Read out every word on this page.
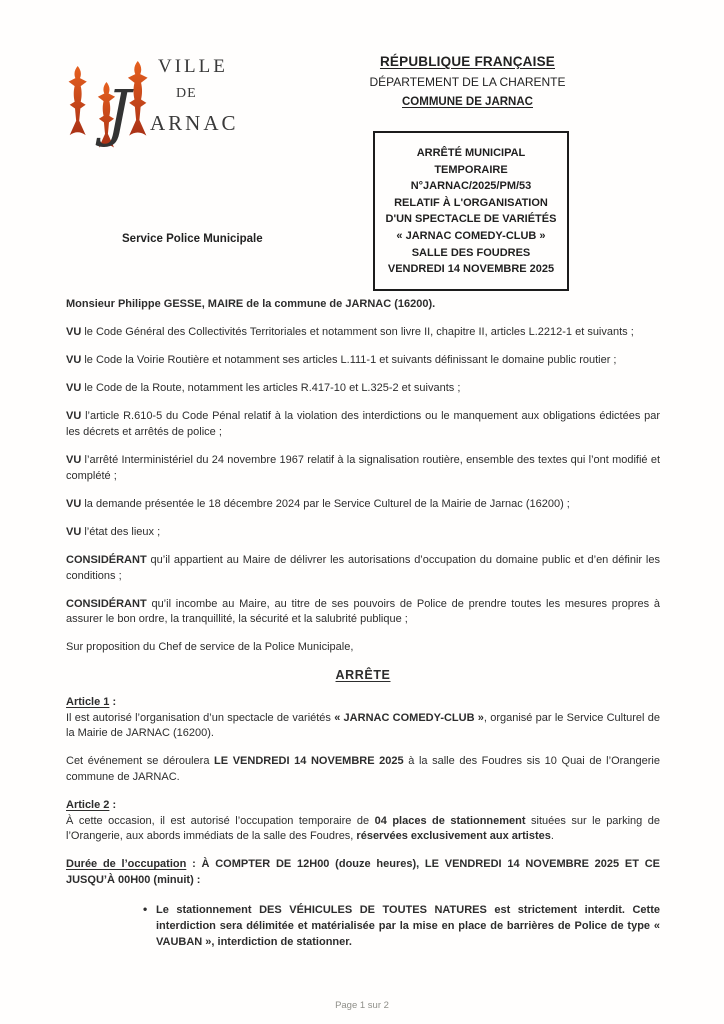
VILLE
DE
J ARNAC
Service Police Municipale
RÉPUBLIQUE FRANÇAISE
DÉPARTEMENT DE LA CHARENTE
COMMUNE DE JARNAC
ARRÊTÉ MUNICIPAL
TEMPORAIRE
N°JARNAC/2025/PM/53
RELATIF À L'ORGANISATION
D'UN SPECTACLE DE VARIÉTÉS
« JARNAC COMEDY-CLUB »
SALLE DES FOUDRES
VENDREDI 14 NOVEMBRE 2025

Monsieur Philippe GESSE, MAIRE de la commune de JARNAC (16200).

VU le Code Général des Collectivités Territoriales et notamment son livre II, chapitre II, articles L.2212-1 et suivants ;

VU le Code la Voirie Routière et notamment ses articles L.111-1 et suivants définissant le domaine public routier ;

VU le Code de la Route, notamment les articles R.417-10 et L.325-2 et suivants ;

VU l’article R.610-5 du Code Pénal relatif à la violation des interdictions ou le manquement aux obligations édictées par les décrets et arrêtés de police ;

VU l’arrêté Interministériel du 24 novembre 1967 relatif à la signalisation routière, ensemble des textes qui l’ont modifié et complété ;

VU la demande présentée le 18 décembre 2024 par le Service Culturel de la Mairie de Jarnac (16200) ;

VU l’état des lieux ;

CONSIDÉRANT qu’il appartient au Maire de délivrer les autorisations d’occupation du domaine public et d’en définir les conditions ;

CONSIDÉRANT qu’il incombe au Maire, au titre de ses pouvoirs de Police de prendre toutes les mesures propres à assurer le bon ordre, la tranquillité, la sécurité et la salubrité publique ;

Sur proposition du Chef de service de la Police Municipale,

ARRÊTE

Article 1 :

Il est autorisé l’organisation d’un spectacle de variétés « JARNAC COMEDY-CLUB », organisé par le Service Culturel de la Mairie de JARNAC (16200).

Cet événement se déroulera LE VENDREDI 14 NOVEMBRE 2025 à la salle des Foudres sis 10 Quai de l’Orangerie commune de JARNAC.

Article 2 :

À cette occasion, il est autorisé l’occupation temporaire de 04 places de stationnement situées sur le parking de l’Orangerie, aux abords immédiats de la salle des Foudres, réservées exclusivement aux artistes.

Durée de l’occupation : À COMPTER DE 12H00 (douze heures), LE VENDREDI 14 NOVEMBRE 2025 ET CE JUSQU’À 00H00 (minuit) :

• Le stationnement DES VÉHICULES DE TOUTES NATURES est strictement interdit. Cette interdiction sera délimitée et matérialisée par la mise en place de barrières de Police de type « VAUBAN », interdiction de stationner.
Page 1 sur 2
